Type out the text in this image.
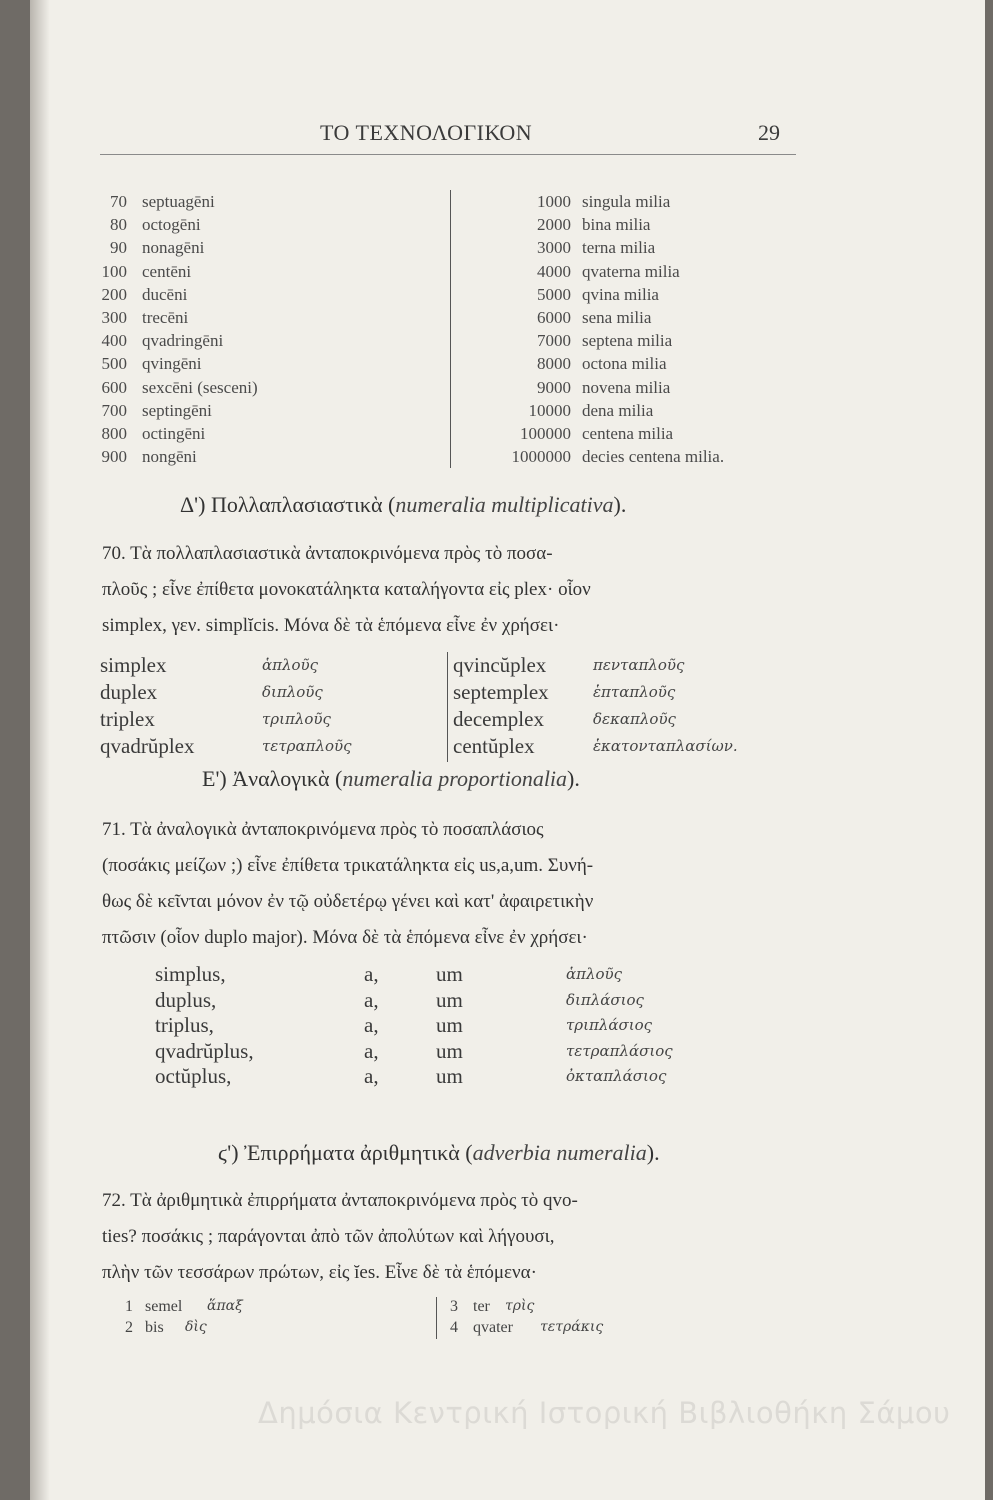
ΤΟ ΤΕΧΝΟΛΟΓΙΚΟΝ	29
70 septuagēni
80 octogēni
90 nonagēni
100 centēni
200 ducēni
300 trecēni
400 qvadringēni
500 qvingēni
600 sexcēni (sesceni)
700 septingēni
800 octingēni
900 nongēni
1000 singula milia
2000 bina milia
3000 terna milia
4000 qvaterna milia
5000 qvina milia
6000 sena milia
7000 septena milia
8000 octona milia
9000 novena milia
10000 dena milia
100000 centena milia
1000000 decies centena milia.
Δ') Πολλαπλασιαστικὰ (numeralia multiplicativa).
70. Τὰ πολλαπλασιαστικὰ ἀνταποκρινόμενα πρὸς τὸ ποσα-
πλοῦς ; εἶνε ἐπίθετα μονοκατάληκτα καταλήγοντα εἰς plex· οἷον
simplex, γεν. simplĭcis. Μόνα δὲ τὰ ἑπόμενα εἶνε ἐν χρήσει·
simplex	ἁπλοῦς
duplex	διπλοῦς
triplex	τριπλοῦς
qvadrŭplex	τετραπλοῦς
qvincŭplex	πενταπλοῦς
septemplex	ἑπταπλοῦς
decemplex	δεκαπλοῦς
centŭplex	ἑκατονταπλασίων.
Ε') Ἀναλογικὰ (numeralia proportionalia).
71. Τὰ ἀναλογικὰ ἀνταποκρινόμενα πρὸς τὸ ποσαπλάσιος
(ποσάκις μείζων ;) εἶνε ἐπίθετα τρικατάληκτα εἰς us,a,um. Συνή-
θως δὲ κεῖνται μόνον ἐν τῷ οὐδετέρῳ γένει καὶ κατ' ἀφαιρετικὴν
πτῶσιν (οἷον duplo major). Μόνα δὲ τὰ ἑπόμενα εἶνε ἐν χρήσει·
simplus,	a,	um	ἁπλοῦς
duplus,	a,	um	διπλάσιος
triplus,	a,	um	τριπλάσιος
qvadrŭplus,	a,	um	τετραπλάσιος
octŭplus,	a,	um	ὀκταπλάσιος
ϛ') Ἐπιρρήματα ἀριθμητικὰ (adverbia numeralia).
72. Τὰ ἀριθμητικὰ ἐπιρρήματα ἀνταποκρινόμενα πρὸς τὸ qvo-
ties? ποσάκις ; παράγονται ἀπὸ τῶν ἀπολύτων καὶ λήγουσι,
πλὴν τῶν τεσσάρων πρώτων, εἰς ĭes. Εἶνε δὲ τὰ ἑπόμενα·
1 semel ἅπαξ
2 bis δὶς
3 ter τρὶς
4 qvater τετράκις
Δημόσια Κεντρική Ιστορική Βιβλιοθήκη Σάμου
